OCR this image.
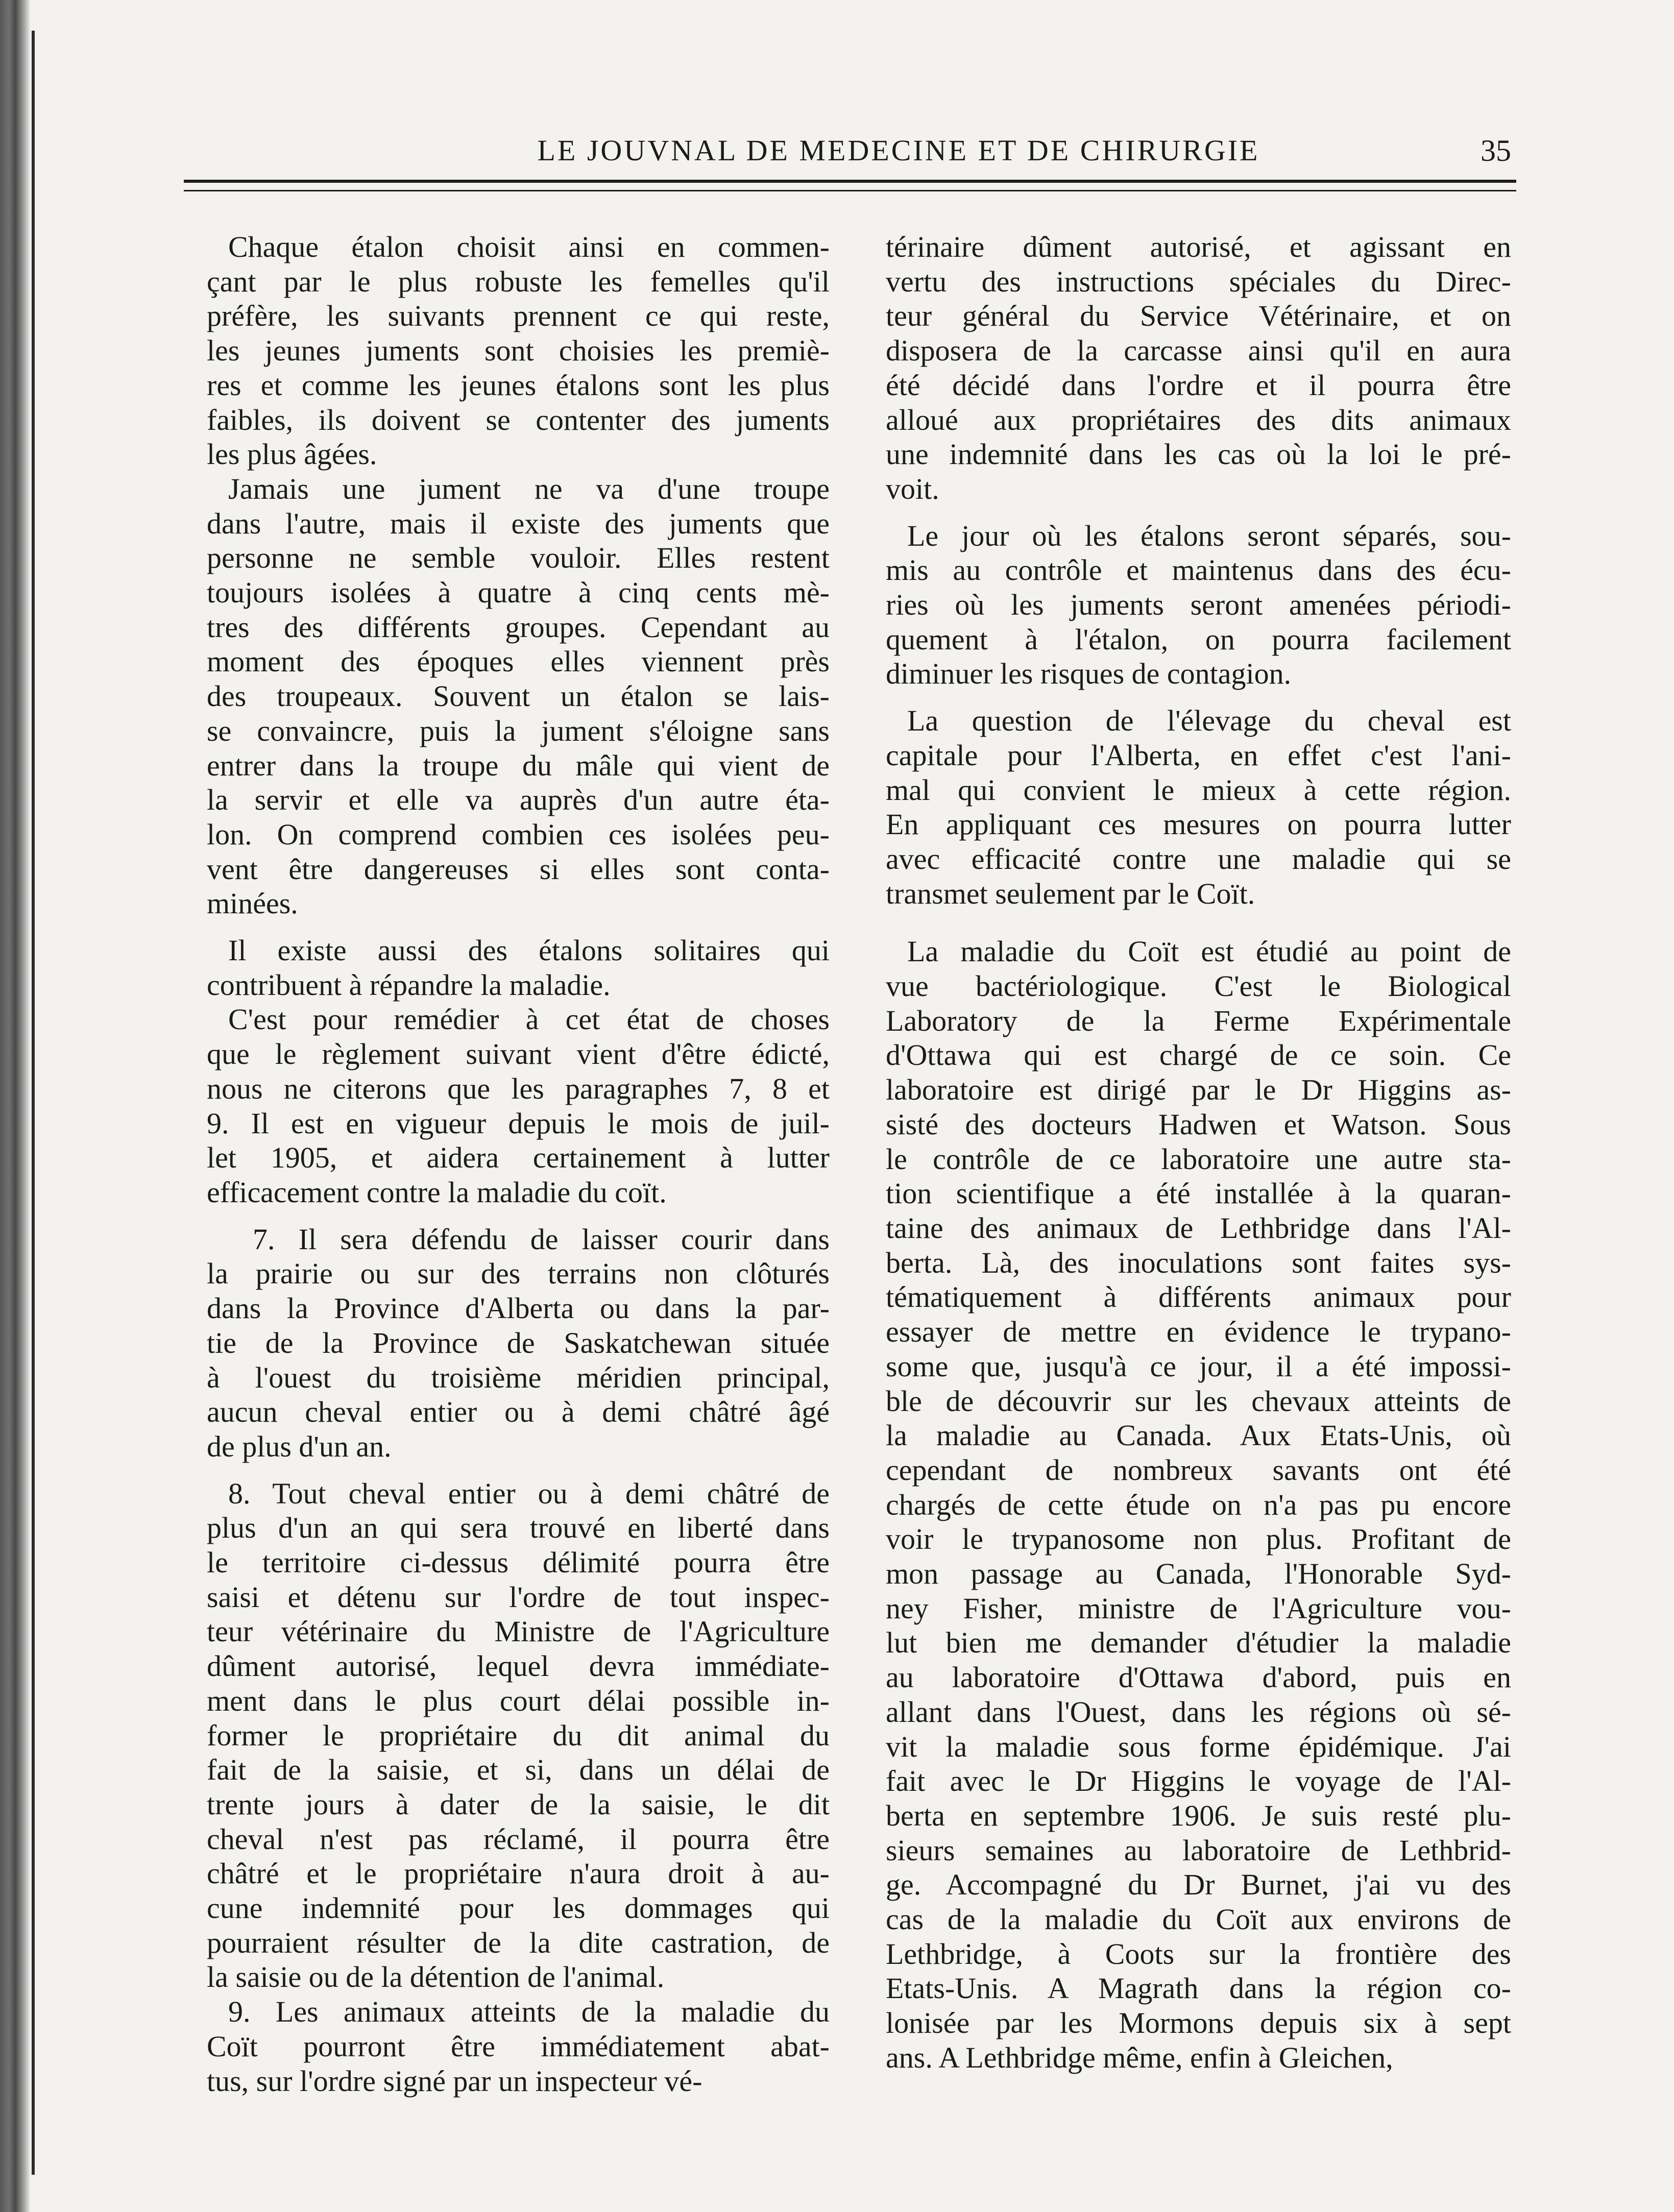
LE JOUVNAL DE MEDECINE ET DE CHIRURGIE	35

Chaque étalon choisit ainsi en commen-
çant par le plus robuste les femelles qu'il
préfère, les suivants prennent ce qui reste,
les jeunes juments sont choisies les premiè-
res et comme les jeunes étalons sont les plus
faibles, ils doivent se contenter des juments
les plus âgées.

Jamais une jument ne va d'une troupe
dans l'autre, mais il existe des juments que
personne ne semble vouloir. Elles restent
toujours isolées à quatre à cinq cents mè-
tres des différents groupes. Cependant au
moment des époques elles viennent près
des troupeaux. Souvent un étalon se lais-
se convaincre, puis la jument s'éloigne sans
entrer dans la troupe du mâle qui vient de
la servir et elle va auprès d'un autre éta-
lon. On comprend combien ces isolées peu-
vent être dangereuses si elles sont conta-
minées.

Il existe aussi des étalons solitaires qui
contribuent à répandre la maladie.

C'est pour remédier à cet état de choses
que le règlement suivant vient d'être édicté,
nous ne citerons que les paragraphes 7, 8 et
9. Il est en vigueur depuis le mois de juil-
let 1905, et aidera certainement à lutter
efficacement contre la maladie du coït.

7. Il sera défendu de laisser courir dans
la prairie ou sur des terrains non clôturés
dans la Province d'Alberta ou dans la par-
tie de la Province de Saskatchewan située
à l'ouest du troisième méridien principal,
aucun cheval entier ou à demi châtré âgé
de plus d'un an.

8. Tout cheval entier ou à demi châtré de
plus d'un an qui sera trouvé en liberté dans
le territoire ci-dessus délimité pourra être
saisi et détenu sur l'ordre de tout inspec-
teur vétérinaire du Ministre de l'Agriculture
dûment autorisé, lequel devra immédiate-
ment dans le plus court délai possible in-
former le propriétaire du dit animal du
fait de la saisie, et si, dans un délai de
trente jours à dater de la saisie, le dit
cheval n'est pas réclamé, il pourra être
châtré et le propriétaire n'aura droit à au-
cune indemnité pour les dommages qui
pourraient résulter de la dite castration, de
la saisie ou de la détention de l'animal.

9. Les animaux atteints de la maladie du
Coït pourront être immédiatement abat-
tus, sur l'ordre signé par un inspecteur vé-

térinaire dûment autorisé, et agissant en
vertu des instructions spéciales du Direc-
teur général du Service Vétérinaire, et on
disposera de la carcasse ainsi qu'il en aura
été décidé dans l'ordre et il pourra être
alloué aux propriétaires des dits animaux
une indemnité dans les cas où la loi le pré-
voit.

Le jour où les étalons seront séparés, sou-
mis au contrôle et maintenus dans des écu-
ries où les juments seront amenées périodi-
quement à l'étalon, on pourra facilement
diminuer les risques de contagion.

La question de l'élevage du cheval est
capitale pour l'Alberta, en effet c'est l'ani-
mal qui convient le mieux à cette région.
En appliquant ces mesures on pourra lutter
avec efficacité contre une maladie qui se
transmet seulement par le Coït.

La maladie du Coït est étudié au point de
vue bactériologique. C'est le Biological
Laboratory de la Ferme Expérimentale
d'Ottawa qui est chargé de ce soin. Ce
laboratoire est dirigé par le Dr Higgins as-
sisté des docteurs Hadwen et Watson. Sous
le contrôle de ce laboratoire une autre sta-
tion scientifique a été installée à la quaran-
taine des animaux de Lethbridge dans l'Al-
berta. Là, des inoculations sont faites sys-
tématiquement à différents animaux pour
essayer de mettre en évidence le trypano-
some que, jusqu'à ce jour, il a été impossi-
ble de découvrir sur les chevaux atteints de
la maladie au Canada. Aux Etats-Unis, où
cependant de nombreux savants ont été
chargés de cette étude on n'a pas pu encore
voir le trypanosome non plus. Profitant de
mon passage au Canada, l'Honorable Syd-
ney Fisher, ministre de l'Agriculture vou-
lut bien me demander d'étudier la maladie
au laboratoire d'Ottawa d'abord, puis en
allant dans l'Ouest, dans les régions où sé-
vit la maladie sous forme épidémique. J'ai
fait avec le Dr Higgins le voyage de l'Al-
berta en septembre 1906. Je suis resté plu-
sieurs semaines au laboratoire de Lethbrid-
ge. Accompagné du Dr Burnet, j'ai vu des
cas de la maladie du Coït aux environs de
Lethbridge, à Coots sur la frontière des
Etats-Unis. A Magrath dans la région co-
lonisée par les Mormons depuis six à sept
ans. A Lethbridge même, enfin à Gleichen,
